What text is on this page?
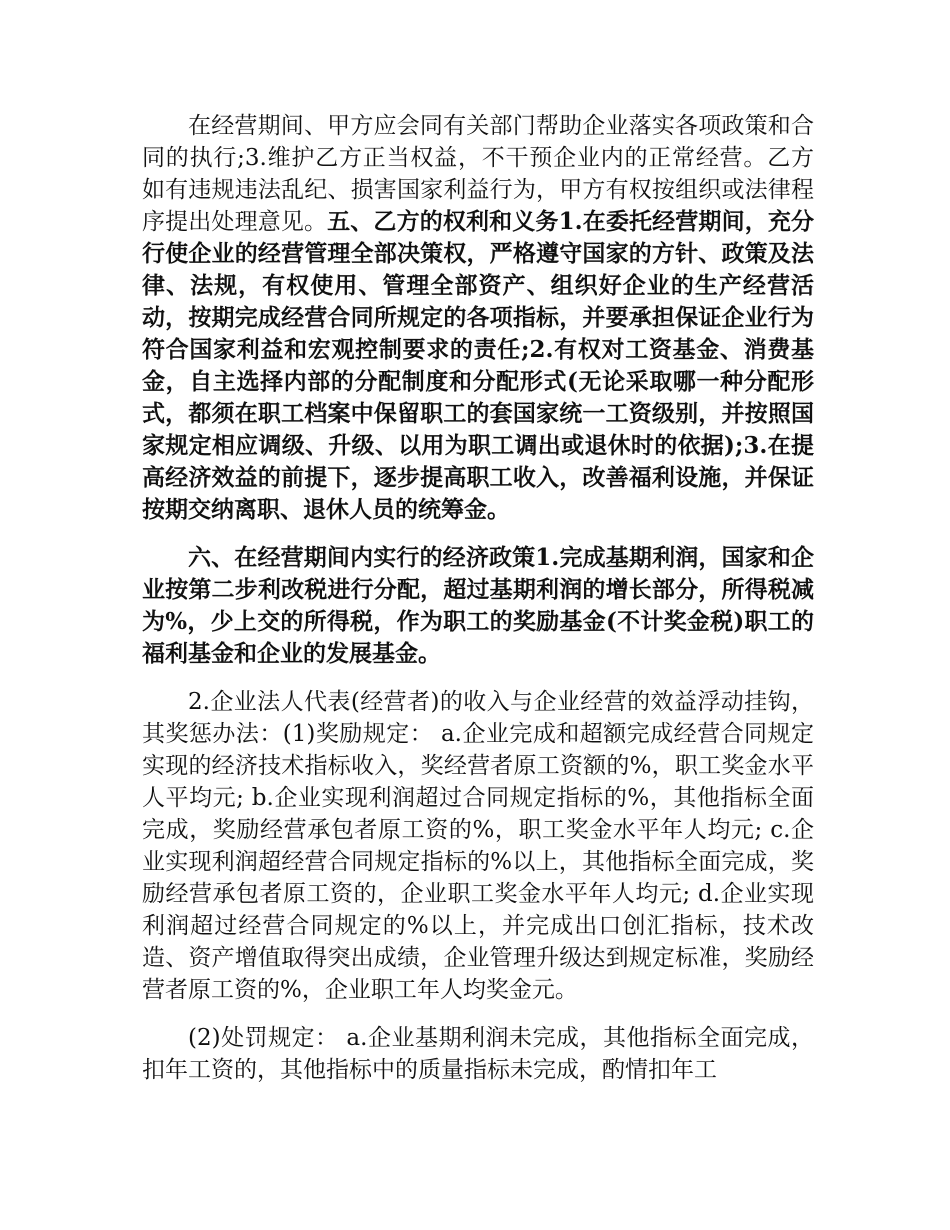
在经营期间、甲方应会同有关部门帮助企业落实各项政策和合同的执行;3.维护乙方正当权益，不干预企业内的正常经营。乙方如有违规违法乱纪、损害国家利益行为，甲方有权按组织或法律程序提出处理意见。五、乙方的权利和义务1.在委托经营期间，充分行使企业的经营管理全部决策权，严格遵守国家的方针、政策及法律、法规，有权使用、管理全部资产、组织好企业的生产经营活动，按期完成经营合同所规定的各项指标，并要承担保证企业行为符合国家利益和宏观控制要求的责任;2.有权对工资基金、消费基金，自主选择内部的分配制度和分配形式(无论采取哪一种分配形式，都须在职工档案中保留职工的套国家统一工资级别，并按照国家规定相应调级、升级、以用为职工调出或退休时的依据);3.在提高经济效益的前提下，逐步提高职工收入，改善福利设施，并保证按期交纳离职、退休人员的统筹金。

六、在经营期间内实行的经济政策1.完成基期利润，国家和企业按第二步利改税进行分配，超过基期利润的增长部分，所得税减为%，少上交的所得税，作为职工的奖励基金(不计奖金税)职工的福利基金和企业的发展基金。

2.企业法人代表(经营者)的收入与企业经营的效益浮动挂钩，其奖惩办法：(1)奖励规定： a.企业完成和超额完成经营合同规定实现的经济技术指标收入，奖经营者原工资额的%，职工奖金水平人平均元; b.企业实现利润超过合同规定指标的%，其他指标全面完成，奖励经营承包者原工资的%，职工奖金水平年人均元; c.企业实现利润超经营合同规定指标的%以上，其他指标全面完成，奖励经营承包者原工资的，企业职工奖金水平年人均元; d.企业实现利润超过经营合同规定的%以上，并完成出口创汇指标，技术改造、资产增值取得突出成绩，企业管理升级达到规定标准，奖励经营者原工资的%，企业职工年人均奖金元。

(2)处罚规定： a.企业基期利润未完成，其他指标全面完成，扣年工资的，其他指标中的质量指标未完成，酌情扣年工
